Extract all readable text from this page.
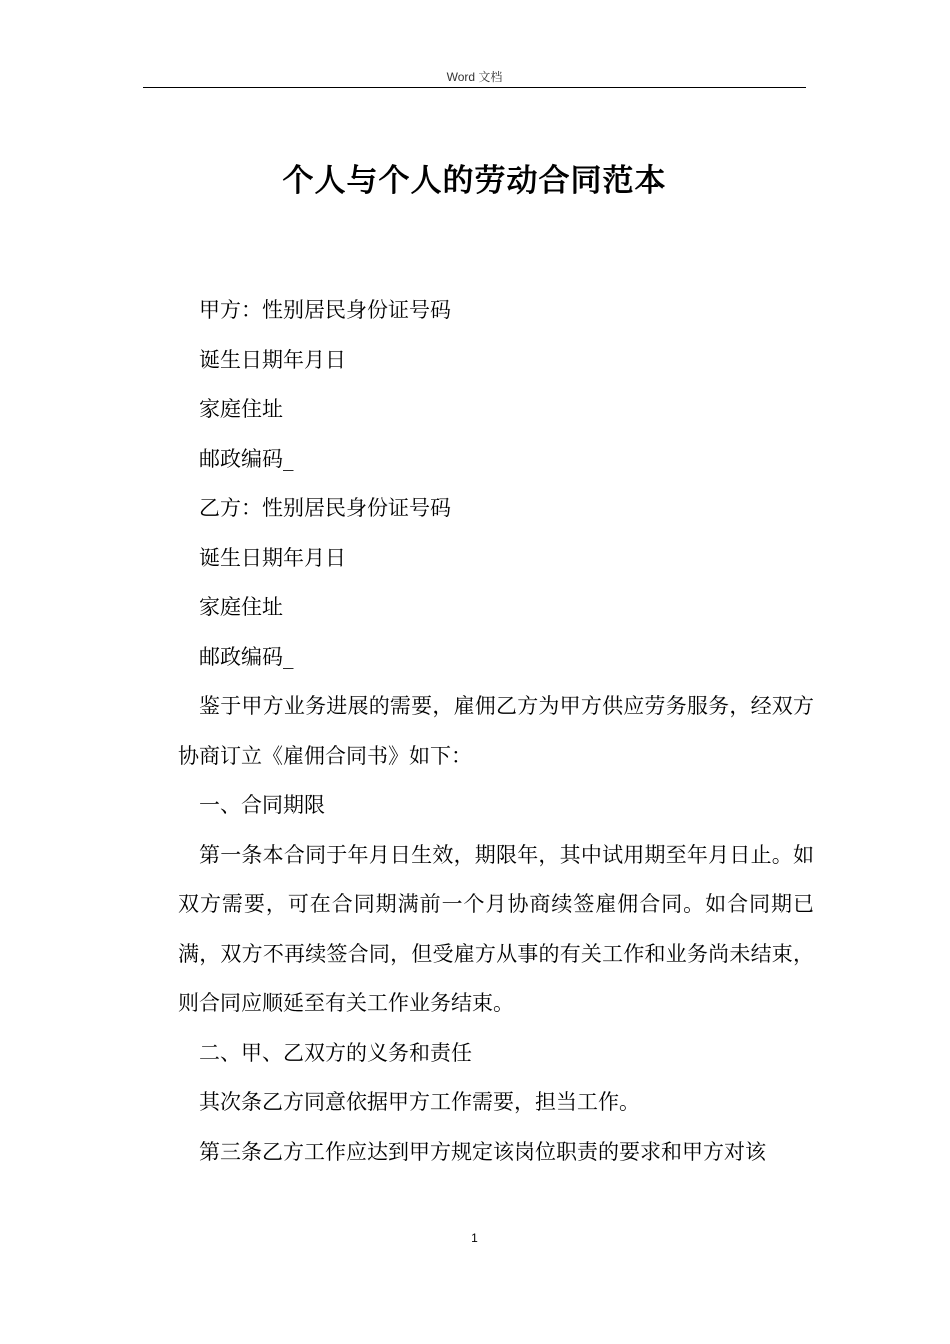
Word 文档
个人与个人的劳动合同范本

甲方：性别居民身份证号码

诞生日期年月日

家庭住址

邮政编码_

乙方：性别居民身份证号码

诞生日期年月日

家庭住址

邮政编码_

鉴于甲方业务进展的需要，雇佣乙方为甲方供应劳务服务，经双方协商订立《雇佣合同书》如下：

一、合同期限

第一条本合同于年月日生效，期限年，其中试用期至年月日止。如双方需要，可在合同期满前一个月协商续签雇佣合同。如合同期已满，双方不再续签合同，但受雇方从事的有关工作和业务尚未结束，则合同应顺延至有关工作业务结束。

二、甲、乙双方的义务和责任

其次条乙方同意依据甲方工作需要，担当工作。

第三条乙方工作应达到甲方规定该岗位职责的要求和甲方对该

1
